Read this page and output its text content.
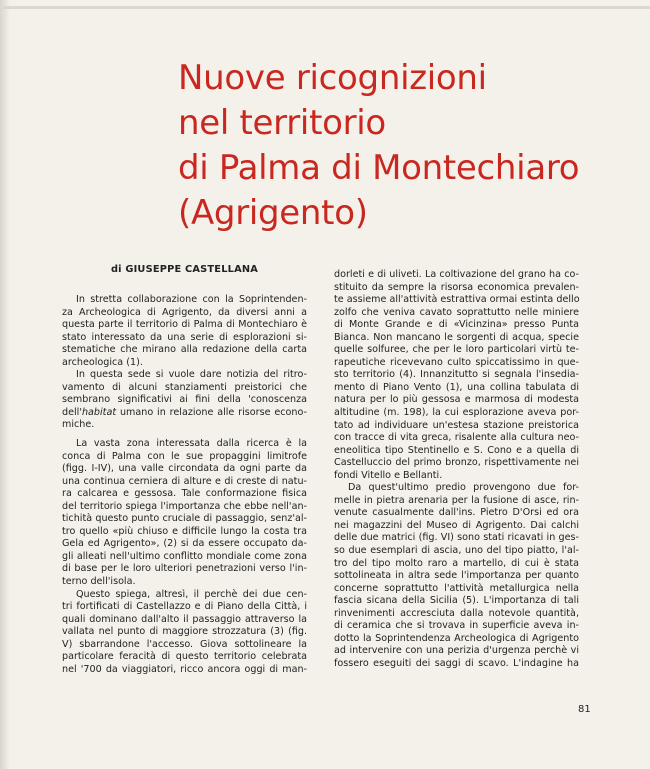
Nuove ricognizioni
nel territorio
di Palma di Montechiaro
(Agrigento)
di GIUSEPPE CASTELLANA
In stretta collaborazione con la Soprintenden-
za Archeologica di Agrigento, da diversi anni a
questa parte il territorio di Palma di Montechiaro è
stato interessato da una serie di esplorazioni si-
stematiche che mirano alla redazione della carta
archeologica (1).
In questa sede si vuole dare notizia del ritro-
vamento di alcuni stanziamenti preistorici che
sembrano significativi ai fini della 'conoscenza
dell'habitat umano in relazione alle risorse econo-
miche.
La vasta zona interessata dalla ricerca è la
conca di Palma con le sue propaggini limitrofe
(figg. I-IV), una valle circondata da ogni parte da
una continua cerniera di alture e di creste di natu-
ra calcarea e gessosa. Tale conformazione fisica
del territorio spiega l'importanza che ebbe nell'an-
tichità questo punto cruciale di passaggio, senz'al-
tro quello «più chiuso e difficile lungo la costa tra
Gela ed Agrigento», (2) si da essere occupato da-
gli alleati nell'ultimo conflitto mondiale come zona
di base per le loro ulteriori penetrazioni verso l'in-
terno dell'isola.
Questo spiega, altresì, il perchè dei due cen-
tri fortificati di Castellazzo e di Piano della Città, i
quali dominano dall'alto il passaggio attraverso la
vallata nel punto di maggiore strozzatura (3) (fig.
V) sbarrandone l'accesso. Giova sottolineare la
particolare feracità di questo territorio celebrata
nel '700 da viaggiatori, ricco ancora oggi di man-
dorleti e di uliveti. La coltivazione del grano ha co-
stituito da sempre la risorsa economica prevalen-
te assieme all'attività estrattiva ormai estinta dello
zolfo che veniva cavato soprattutto nelle miniere
di Monte Grande e di «Vicinzina» presso Punta
Bianca. Non mancano le sorgenti di acqua, specie
quelle solfuree, che per le loro particolari virtù te-
rapeutiche ricevevano culto spiccatissimo in que-
sto territorio (4). Innanzitutto si segnala l'insedia-
mento di Piano Vento (1), una collina tabulata di
natura per lo più gessosa e marmosa di modesta
altitudine (m. 198), la cui esplorazione aveva por-
tato ad individuare un'estesa stazione preistorica
con tracce di vita greca, risalente alla cultura neo-
eneolitica tipo Stentinello e S. Cono e a quella di
Castelluccio del primo bronzo, rispettivamente nei
fondi Vitello e Bellanti.
Da quest'ultimo predio provengono due for-
melle in pietra arenaria per la fusione di asce, rin-
venute casualmente dall'ins. Pietro D'Orsi ed ora
nei magazzini del Museo di Agrigento. Dai calchi
delle due matrici (fig. VI) sono stati ricavati in ges-
so due esemplari di ascia, uno del tipo piatto, l'al-
tro del tipo molto raro a martello, di cui è stata
sottolineata in altra sede l'importanza per quanto
concerne soprattutto l'attività metallurgica nella
fascia sicana della Sicilia (5). L'importanza di tali
rinvenimenti accresciuta dalla notevole quantità,
di ceramica che si trovava in superficie aveva in-
dotto la Soprintendenza Archeologica di Agrigento
ad intervenire con una perizia d'urgenza perchè vi
fossero eseguiti dei saggi di scavo. L'indagine ha
81
